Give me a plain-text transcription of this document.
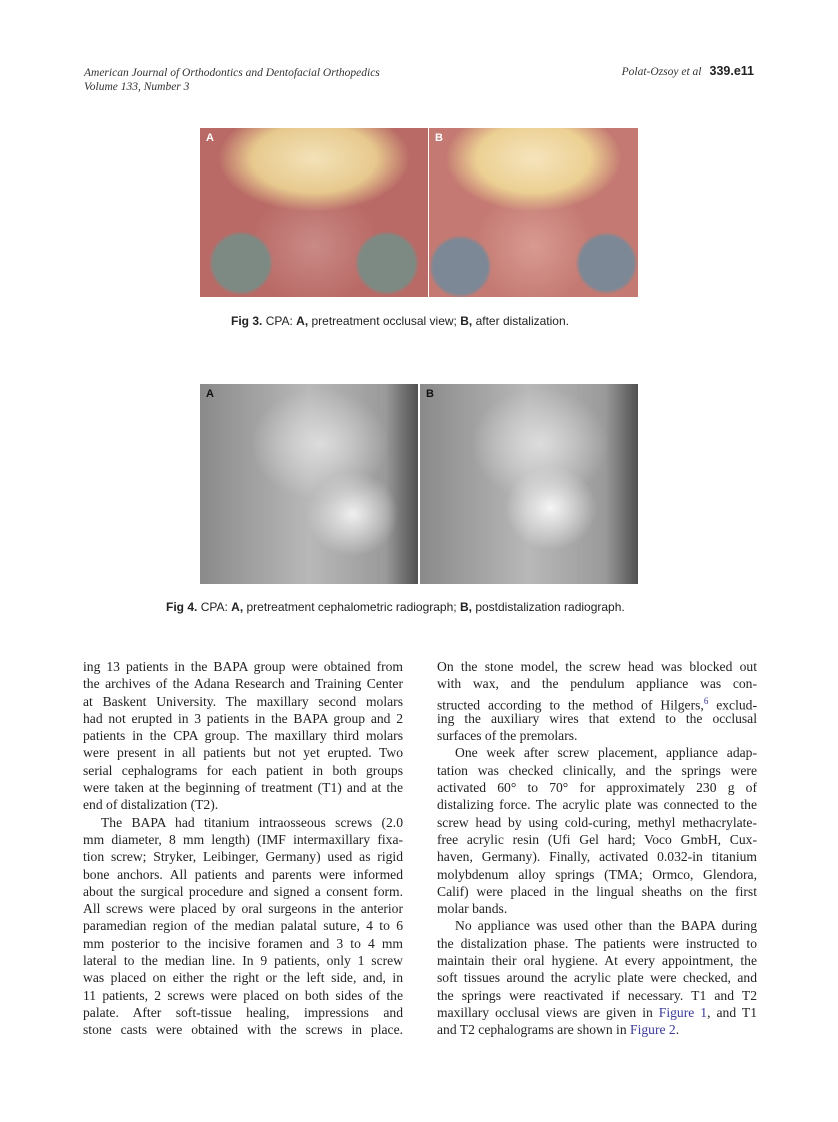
American Journal of Orthodontics and Dentofacial Orthopedics
Volume 133, Number 3
Polat-Ozsoy et al 339.e11
A	B
Fig 3. CPA: A, pretreatment occlusal view; B, after distalization.
A	B
Fig 4. CPA: A, pretreatment cephalometric radiograph; B, postdistalization radiograph.
ing 13 patients in the BAPA group were obtained from
the archives of the Adana Research and Training Center
at Baskent University. The maxillary second molars
had not erupted in 3 patients in the BAPA group and 2
patients in the CPA group. The maxillary third molars
were present in all patients but not yet erupted. Two
serial cephalograms for each patient in both groups
were taken at the beginning of treatment (T1) and at the
end of distalization (T2).
The BAPA had titanium intraosseous screws (2.0
mm diameter, 8 mm length) (IMF intermaxillary fixa-
tion screw; Stryker, Leibinger, Germany) used as rigid
bone anchors. All patients and parents were informed
about the surgical procedure and signed a consent form.
All screws were placed by oral surgeons in the anterior
paramedian region of the median palatal suture, 4 to 6
mm posterior to the incisive foramen and 3 to 4 mm
lateral to the median line. In 9 patients, only 1 screw
was placed on either the right or the left side, and, in
11 patients, 2 screws were placed on both sides of the
palate. After soft-tissue healing, impressions and
stone casts were obtained with the screws in place.
On the stone model, the screw head was blocked out
with wax, and the pendulum appliance was con-
structed according to the method of Hilgers,$^6$ exclud-
ing the auxiliary wires that extend to the occlusal
surfaces of the premolars.
One week after screw placement, appliance adap-
tation was checked clinically, and the springs were
activated 60° to 70° for approximately 230 g of
distalizing force. The acrylic plate was connected to the
screw head by using cold-curing, methyl methacrylate-
free acrylic resin (Ufi Gel hard; Voco GmbH, Cux-
haven, Germany). Finally, activated 0.032-in titanium
molybdenum alloy springs (TMA; Ormco, Glendora,
Calif) were placed in the lingual sheaths on the first
molar bands.
No appliance was used other than the BAPA during
the distalization phase. The patients were instructed to
maintain their oral hygiene. At every appointment, the
soft tissues around the acrylic plate were checked, and
the springs were reactivated if necessary. T1 and T2
maxillary occlusal views are given in Figure 1, and T1
and T2 cephalograms are shown in Figure 2.
